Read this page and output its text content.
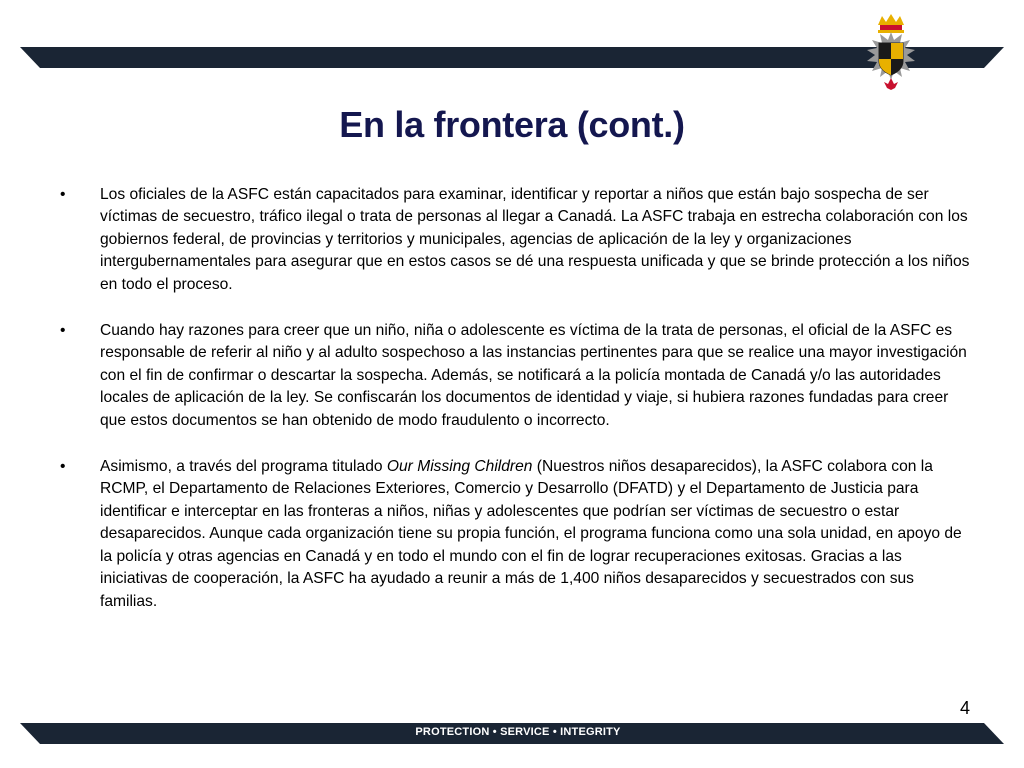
En la frontera (cont.)
•	Los oficiales de la ASFC están capacitados para examinar, identificar y reportar a niños que están bajo sospecha de ser víctimas de secuestro, tráfico ilegal o trata de personas al llegar a Canadá. La ASFC trabaja en estrecha colaboración con los gobiernos federal, de provincias y territorios y municipales, agencias de aplicación de la ley y organizaciones intergubernamentales para asegurar que en estos casos se dé una respuesta unificada y que se brinde protección a los niños en todo el proceso.
•	Cuando hay razones para creer que un niño, niña o adolescente es víctima de la trata de personas, el oficial de la ASFC es responsable de referir al niño y al adulto sospechoso a las instancias pertinentes para que se realice una mayor investigación con el fin de confirmar o descartar la sospecha. Además, se notificará a la policía montada de Canadá y/o las autoridades locales de aplicación de la ley. Se confiscarán los documentos de identidad y viaje, si hubiera razones fundadas para creer que estos documentos se han obtenido de modo fraudulento o incorrecto.
•	Asimismo, a través del programa titulado Our Missing Children (Nuestros niños desaparecidos), la ASFC colabora con la RCMP, el Departamento de Relaciones Exteriores, Comercio y Desarrollo (DFATD) y el Departamento de Justicia para identificar e interceptar en las fronteras a niños, niñas y adolescentes que podrían ser víctimas de secuestro o estar desaparecidos. Aunque cada organización tiene su propia función, el programa funciona como una sola unidad, en apoyo de la policía y otras agencias en Canadá y en todo el mundo con el fin de lograr recuperaciones exitosas. Gracias a las iniciativas de cooperación, la ASFC ha ayudado a reunir a más de 1,400 niños desaparecidos y secuestrados con sus familias.
4
PROTECTION • SERVICE • INTEGRITY
